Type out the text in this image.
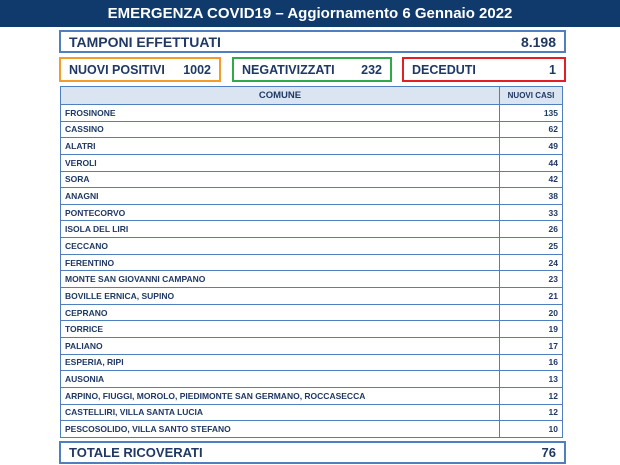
EMERGENZA COVID19 – Aggiornamento 6 Gennaio 2022
TAMPONI EFFETTUATI	8.198
NUOVI POSITIVI 1002 NEGATIVIZZATI 232 DECEDUTI	1
COMUNE	NUOVI CASI
FROSINONE	135
CASSINO	62
ALATRI	49
VEROLI	44
SORA	42
ANAGNI	38
PONTECORVO	33
ISOLA DEL LIRI	26
CECCANO	25
FERENTINO	24
MONTE SAN GIOVANNI CAMPANO	23
BOVILLE ERNICA, SUPINO	21
CEPRANO	20
TORRICE	19
PALIANO	17
ESPERIA, RIPI	16
AUSONIA	13
ARPINO, FIUGGI, MOROLO, PIEDIMONTE SAN GERMANO, ROCCASECCA	12
CASTELLIRI, VILLA SANTA LUCIA	12
PESCOSOLIDO, VILLA SANTO STEFANO	10
TOTALE RICOVERATI	76
